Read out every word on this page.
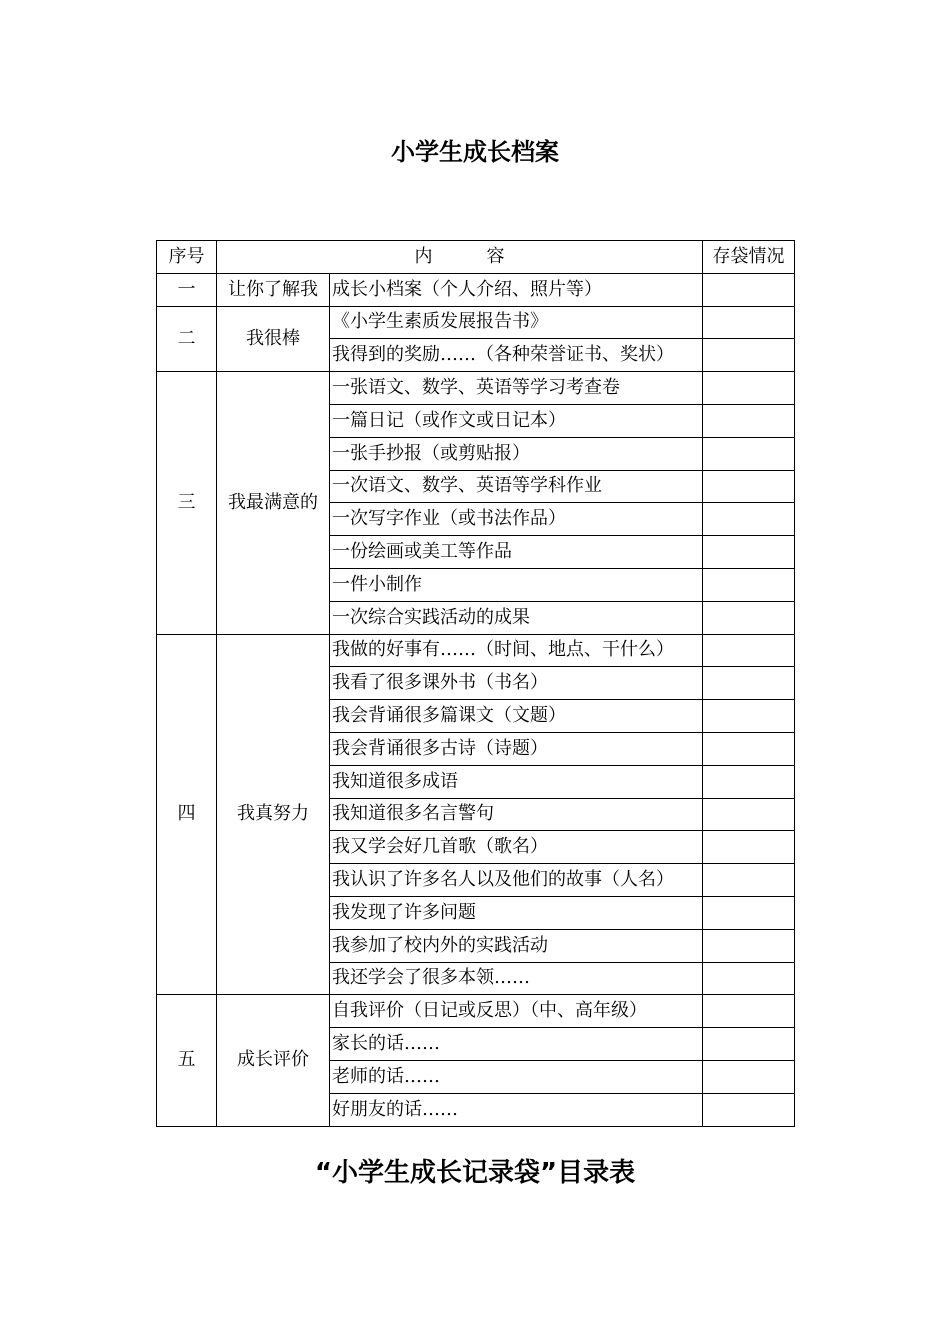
小学生成长档案
序号	内　　　容		存袋情况
一	让你了解我	成长小档案（个人介绍、照片等）	
二	我很棒	《小学生素质发展报告书》	
		我得到的奖励……（各种荣誉证书、奖状）	
三	我最满意的	一张语文、数学、英语等学习考查卷	
		一篇日记（或作文或日记本）	
		一张手抄报（或剪贴报）	
		一次语文、数学、英语等学科作业	
		一次写字作业（或书法作品）	
		一份绘画或美工等作品	
		一件小制作	
		一次综合实践活动的成果	
四	我真努力	我做的好事有……（时间、地点、干什么）	
		我看了很多课外书（书名）	
		我会背诵很多篇课文（文题）	
		我会背诵很多古诗（诗题）	
		我知道很多成语	
		我知道很多名言警句	
		我又学会好几首歌（歌名）	
		我认识了许多名人以及他们的故事（人名）	
		我发现了许多问题	
		我参加了校内外的实践活动	
		我还学会了很多本领……	
五	成长评价	自我评价（日记或反思）（中、高年级）	
		家长的话……	
		老师的话……	
		好朋友的话……	
“小学生成长记录袋”目录表
